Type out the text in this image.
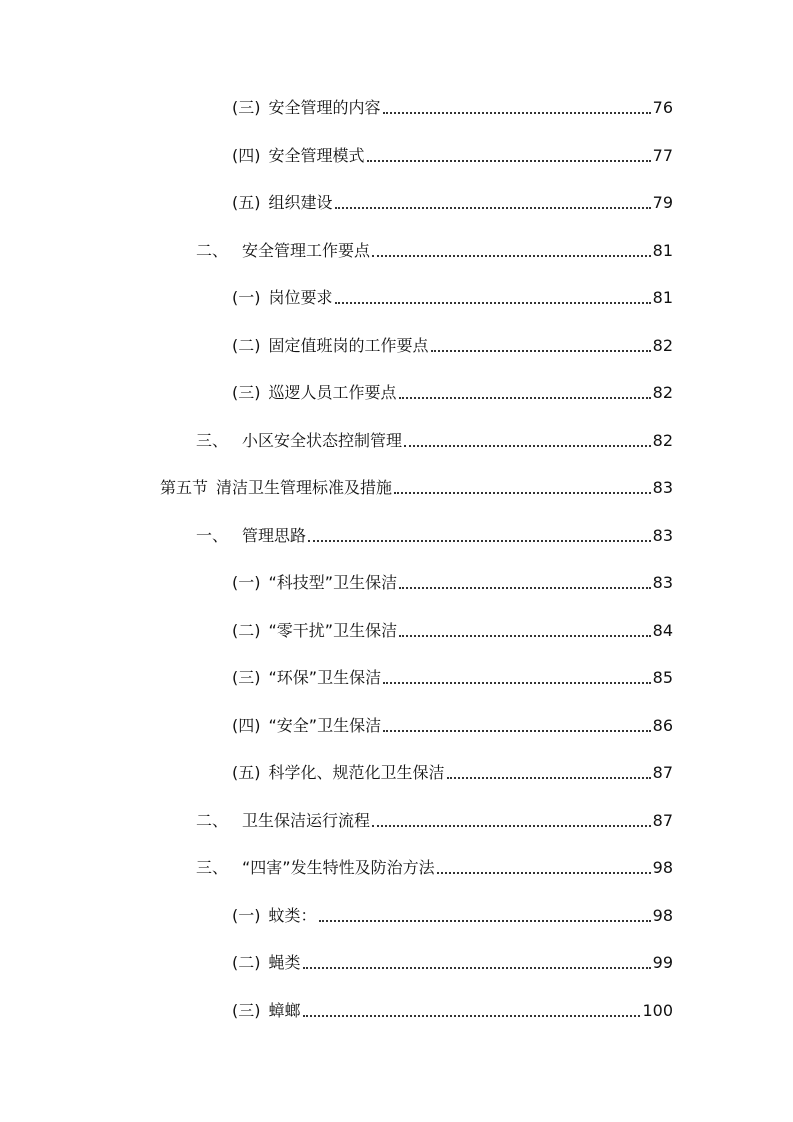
(三) 安全管理的内容	76
(四) 安全管理模式	77
(五) 组织建设	79
二、 安全管理工作要点	81
(一) 岗位要求	81
(二) 固定值班岗的工作要点	82
(三) 巡逻人员工作要点	82
三、 小区安全状态控制管理	82
第五节 清洁卫生管理标准及措施	83
一、 管理思路	83
(一) “科技型”卫生保洁	83
(二) “零干扰”卫生保洁	84
(三) “环保”卫生保洁	85
(四) “安全”卫生保洁	86
(五) 科学化、规范化卫生保洁	87
二、 卫生保洁运行流程	87
三、 “四害”发生特性及防治方法	98
(一) 蚊类：	98
(二) 蝇类	99
(三) 蟑螂	100
